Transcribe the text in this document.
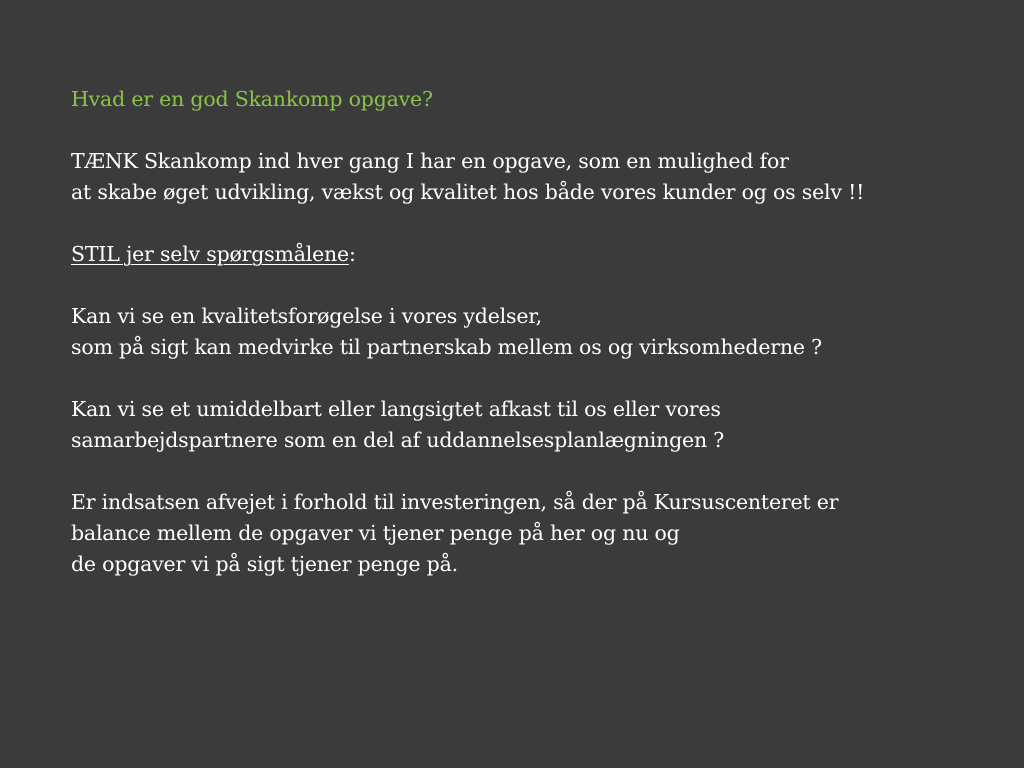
Hvad er en god Skankomp opgave?
TÆNK Skankomp ind hver gang I har en opgave, som en mulighed for
at skabe øget udvikling, vækst og kvalitet hos både vores kunder og os selv !!
STIL jer selv spørgsmålene:
Kan vi se en kvalitetsforøgelse i vores ydelser,
som på sigt kan medvirke til partnerskab mellem os og virksomhederne ?
Kan vi se et umiddelbart eller langsigtet afkast til os eller vores
samarbejdspartnere som en del af uddannelsesplanlægningen ?
Er indsatsen afvejet i forhold til investeringen, så der på Kursuscenteret er
balance mellem de opgaver vi tjener penge på her og nu og
de opgaver vi på sigt tjener penge på.
